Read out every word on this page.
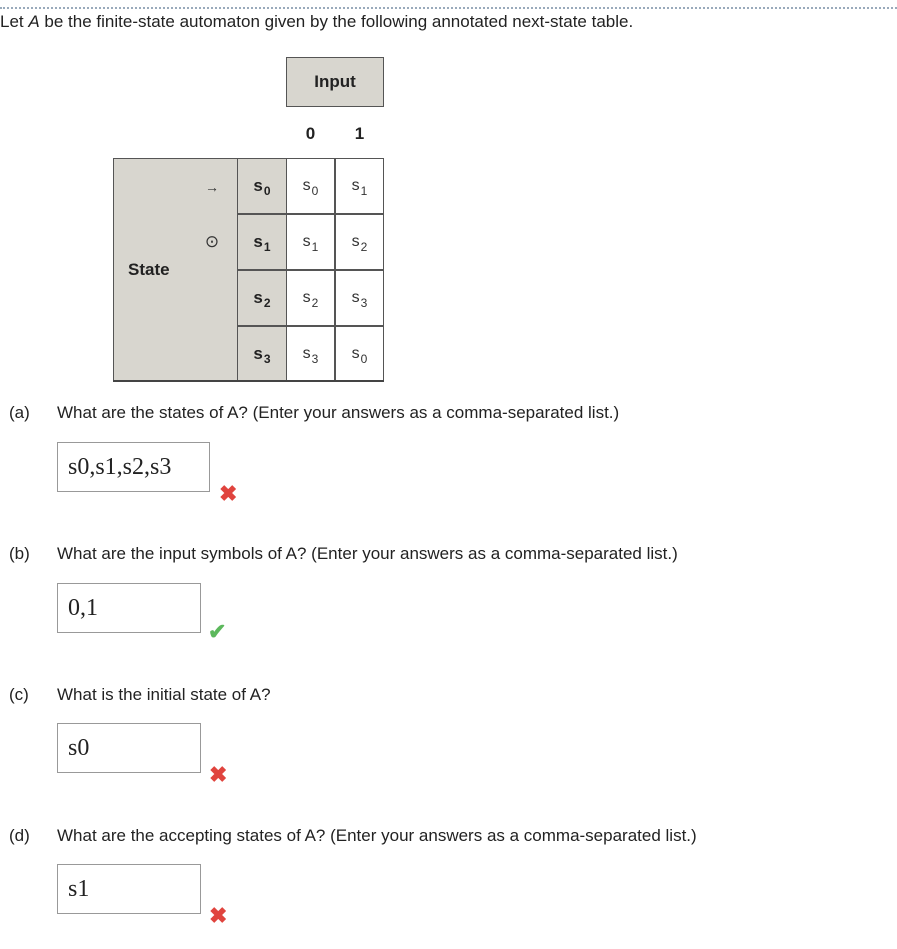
Let A be the finite-state automaton given by the following annotated next-state table.
Input
0	1
State
→
⊙
s 0 s 0 s 1
s 1 s 1 s 2
s 2 s 2 s 3
s 3 s 3 s 0
(a) What are the states of A? (Enter your answers as a comma-separated list.)
s0,s1,s2,s3
✖
(b) What are the input symbols of A? (Enter your answers as a comma-separated list.)
0,1
✔
(c) What is the initial state of A?
s0
✖
(d) What are the accepting states of A? (Enter your answers as a comma-separated list.)
s1
✖
